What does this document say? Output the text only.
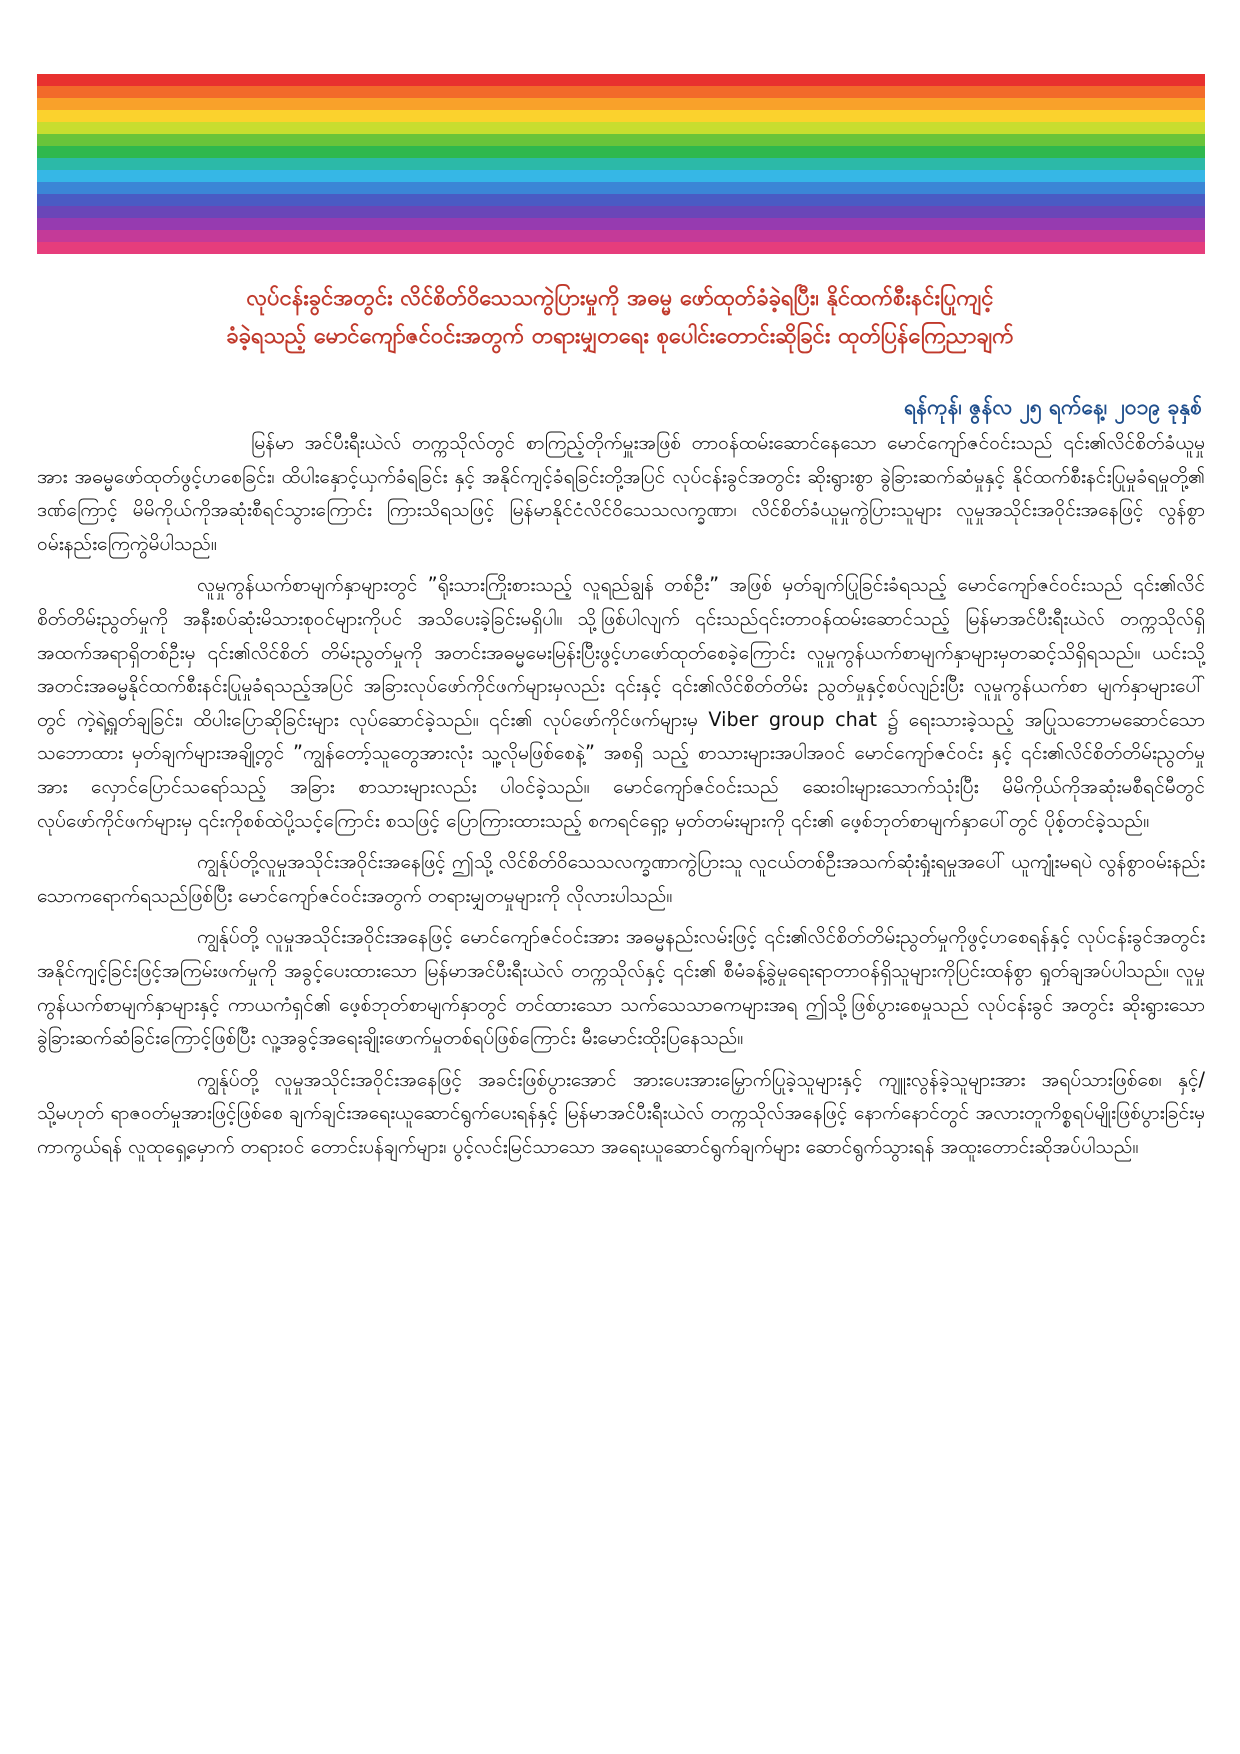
လုပ်ငန်းခွင်အတွင်း လိင်စိတ်ဝိသေသကွဲပြားမှုကို အဓမ္မ ဖော်ထုတ်ခံခဲ့ရပြီး၊ နိုင်ထက်စီးနင်းပြုကျင့်
ခံခဲ့ရသည့် မောင်ကျော်ဇင်ဝင်းအတွက် တရားမျှတရေး စုပေါင်းတောင်းဆိုခြင်း ထုတ်ပြန်ကြေညာချက်
ရန်ကုန်၊ ဇွန်လ ၂၅ ရက်နေ့၊ ၂၀၁၉ ခုနှစ်

မြန်မာ အင်ပီးရီးယဲလ် တက္ကသိုလ်တွင် စာကြည့်တိုက်မှူးအဖြစ် တာဝန်ထမ်းဆောင်နေသော မောင်ကျော်ဇင်ဝင်းသည် ၎င်း၏လိင်စိတ်ခံယူမှုအား အဓမ္မဖော်ထုတ်ဖွင့်ဟစေခြင်း၊ ထိပါးနှောင့်ယှက်ခံရခြင်း နှင့် အနိုင်ကျင့်ခံရခြင်းတို့အပြင် လုပ်ငန်းခွင်အတွင်း ဆိုးရွားစွာ ခွဲခြားဆက်ဆံမှုနှင့် နိုင်ထက်စီးနင်းပြုမှုခံရမှုတို့၏ ဒဏ်ကြောင့် မိမိကိုယ်ကိုအဆုံးစီရင်သွားကြောင်း ကြားသိရသဖြင့် မြန်မာနိုင်ငံလိင်ဝိသေသလက္ခဏာ၊ လိင်စိတ်ခံယူမှုကွဲပြားသူများ လူမှုအသိုင်းအဝိုင်းအနေဖြင့် လွန်စွာ ဝမ်းနည်းကြေကွဲမိပါသည်။

လူမှုကွန်ယက်စာမျက်နှာများတွင် ”ရိုးသားကြိုးစားသည့် လူရည်ချွန် တစ်ဦး” အဖြစ် မှတ်ချက်ပြုခြင်းခံရသည့် မောင်ကျော်ဇင်ဝင်းသည် ၎င်း၏လိင်စိတ်တိမ်းညွတ်မှုကို အနီးစပ်ဆုံးမိသားစုဝင်များကိုပင် အသိပေးခဲ့ခြင်းမရှိပါ။ သို့ဖြစ်ပါလျက် ၎င်းသည်၎င်းတာဝန်ထမ်းဆောင်သည့် မြန်မာအင်ပီးရီးယဲလ် တက္ကသိုလ်ရှိ အထက်အရာရှိတစ်ဦးမှ ၎င်း၏လိင်စိတ် တိမ်းညွတ်မှုကို အတင်းအဓမ္မမေးမြန်းပြီးဖွင့်ဟဖော်ထုတ်စေခဲ့ကြောင်း လူမှုကွန်ယက်စာမျက်နှာများမှတဆင့်သိရှိရသည်။ ယင်းသို့ အတင်းအဓမ္မနိုင်ထက်စီးနင်းပြုမှုခံရသည့်အပြင် အခြားလုပ်ဖော်ကိုင်ဖက်များမှလည်း ၎င်းနှင့် ၎င်း၏လိင်စိတ်တိမ်း ညွတ်မှုနှင့်စပ်လျဉ်းပြီး လူမှုကွန်ယက်စာ မျက်နှာများပေါ်တွင် ကဲ့ရဲ့ရှုတ်ချခြင်း၊ ထိပါးပြောဆိုခြင်းများ လုပ်ဆောင်ခဲ့သည်။ ၎င်း၏ လုပ်ဖော်ကိုင်ဖက်များမှ Viber group chat ၌ ရေးသားခဲ့သည့် အပြုသဘောမဆောင်သော သဘောထား မှတ်ချက်များအချို့တွင် ”ကျွန်တော့်သူတွေအားလုံး သူ့လိုမဖြစ်စေနဲ့” အစရှိ သည့် စာသားများအပါအဝင် မောင်ကျော်ဇင်ဝင်း နှင့် ၎င်း၏လိင်စိတ်တိမ်းညွတ်မှုအား လှောင်ပြောင်သရော်သည့် အခြား စာသားများလည်း ပါဝင်ခဲ့သည်။ မောင်ကျော်ဇင်ဝင်းသည် ဆေးဝါးများသောက်သုံးပြီး မိမိကိုယ်ကိုအဆုံးမစီရင်မီတွင် လုပ်ဖော်ကိုင်ဖက်များမှ ၎င်းကိုစစ်ထဲပို့သင့်ကြောင်း စသဖြင့် ပြောကြားထားသည့် စကရင်ရှော့ မှတ်တမ်းများကို ၎င်း၏ ဖေ့စ်ဘုတ်စာမျက်နှာပေါ်တွင် ပိုစ့်တင်ခဲ့သည်။

ကျွန်ုပ်တို့လူမှုအသိုင်းအဝိုင်းအနေဖြင့် ဤသို့ လိင်စိတ်ဝိသေသလက္ခဏာကွဲပြားသူ လူငယ်တစ်ဦးအသက်ဆုံးရှုံးရမှုအပေါ် ယူကျုံးမရပဲ လွန်စွာဝမ်းနည်းသောကရောက်ရသည်ဖြစ်ပြီး မောင်ကျော်ဇင်ဝင်းအတွက် တရားမျှတမှုများကို လိုလားပါသည်။

ကျွန်ုပ်တို့ လူမှုအသိုင်းအဝိုင်းအနေဖြင့် မောင်ကျော်ဇင်ဝင်းအား အဓမ္မနည်းလမ်းဖြင့် ၎င်း၏လိင်စိတ်တိမ်းညွတ်မှုကိုဖွင့်ဟစေရန်နှင့် လုပ်ငန်းခွင်အတွင်းအနိုင်ကျင့်ခြင်းဖြင့်အကြမ်းဖက်မှုကို အခွင့်ပေးထားသော မြန်မာအင်ပီးရီးယဲလ် တက္ကသိုလ်နှင့် ၎င်း၏ စီမံခန့်ခွဲမှုရေးရာတာဝန်ရှိသူများကိုပြင်းထန်စွာ ရှုတ်ချအပ်ပါသည်။ လူမှုကွန်ယက်စာမျက်နှာများနှင့် ကာယကံရှင်၏ ဖေ့စ်ဘုတ်စာမျက်နှာတွင် တင်ထားသော သက်သေသာဓကများအရ ဤသို့ဖြစ်ပွားစေမှုသည် လုပ်ငန်းခွင် အတွင်း ဆိုးရွားသော ခွဲခြားဆက်ဆံခြင်းကြောင့်ဖြစ်ပြီး လူ့အခွင့်အရေးချိုးဖောက်မှုတစ်ရပ်ဖြစ်ကြောင်း မီးမောင်းထိုးပြနေသည်။

ကျွန်ုပ်တို့ လူမှုအသိုင်းအဝိုင်းအနေဖြင့် အခင်းဖြစ်ပွားအောင် အားပေးအားမြှောက်ပြုခဲ့သူများနှင့် ကျူးလွန်ခဲ့သူများအား အရပ်သားဖြစ်စေ၊ နှင့်/သို့မဟုတ် ရာဇဝတ်မှုအားဖြင့်ဖြစ်စေ ချက်ချင်းအရေးယူဆောင်ရွက်ပေးရန်နှင့် မြန်မာအင်ပီးရီးယဲလ် တက္ကသိုလ်အနေဖြင့် နောက်နောင်တွင် အလားတူကိစ္စရပ်မျိုးဖြစ်ပွားခြင်းမှ ကာကွယ်ရန် လူထုရှေ့မှောက် တရားဝင် တောင်းပန်ချက်များ၊ ပွင့်လင်းမြင်သာသော အရေးယူဆောင်ရွက်ချက်များ ဆောင်ရွက်သွားရန် အထူးတောင်းဆိုအပ်ပါသည်။
